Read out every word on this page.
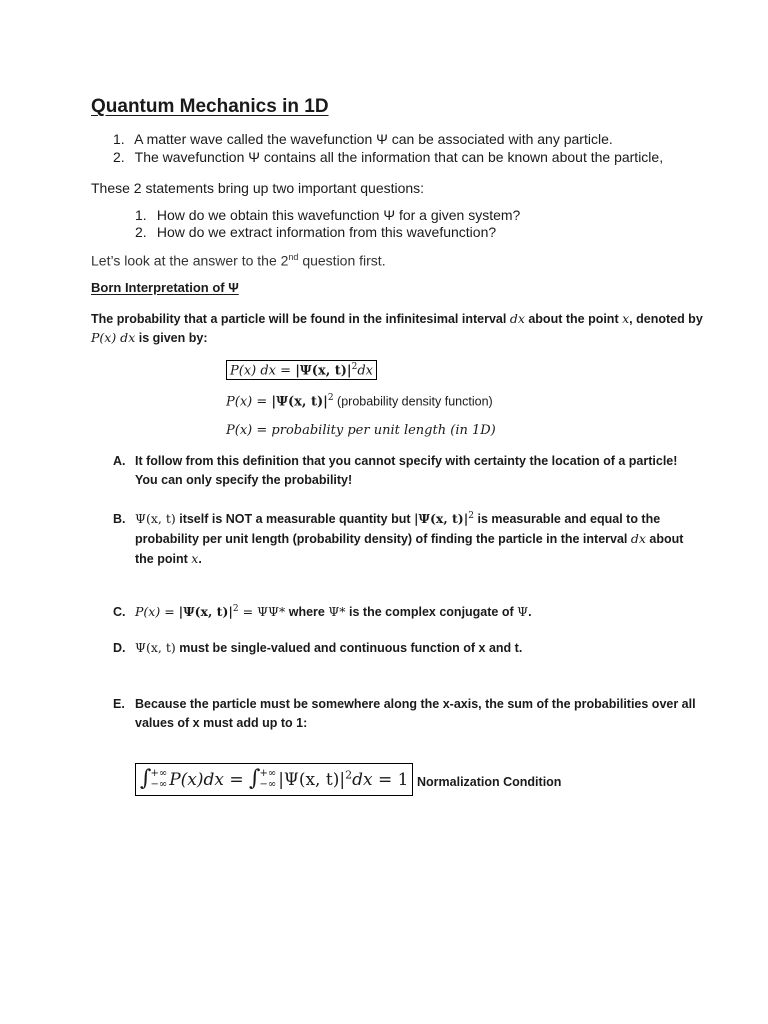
Quantum Mechanics in 1D
1. A matter wave called the wavefunction Ψ can be associated with any particle.
2. The wavefunction Ψ contains all the information that can be known about the particle,
These 2 statements bring up two important questions:
1. How do we obtain this wavefunction Ψ for a given system?
2. How do we extract information from this wavefunction?
Let’s look at the answer to the 2nd question first.
Born Interpretation of Ψ
The probability that a particle will be found in the infinitesimal interval dx about the point x, denoted by
P(x) dx is given by:
P(x) dx = |Ψ(x, $t)|^2dx$
P(x) = |Ψ(x, $t)|^2$ (probability density function)
P(x) = probability per unit length (in 1D)
A. It follow from this definition that you cannot specify with certainty the location of a particle!
You can only specify the probability!
B. Ψ(x, t) itself is NOT a measurable quantity but |Ψ(x, $t)|^2$ is measurable and equal to the
probability per unit length (probability density) of finding the particle in the interval dx about
the point x.
C. P(x) = |Ψ(x, $t)|^2 = \Psi\Psi*$ where Ψ* is the complex conjugate of Ψ.
D. Ψ(x, t) must be single-valued and continuous function of x and t.
E. Because the particle must be somewhere along the x-axis, the sum of the probabilities over all
values of x must add up to 1:
∫ +∞
−∞ P(x)dx = ∫ +∞
−∞ |Ψ(x, $t)|^2dx = 1$ Normalization Condition
